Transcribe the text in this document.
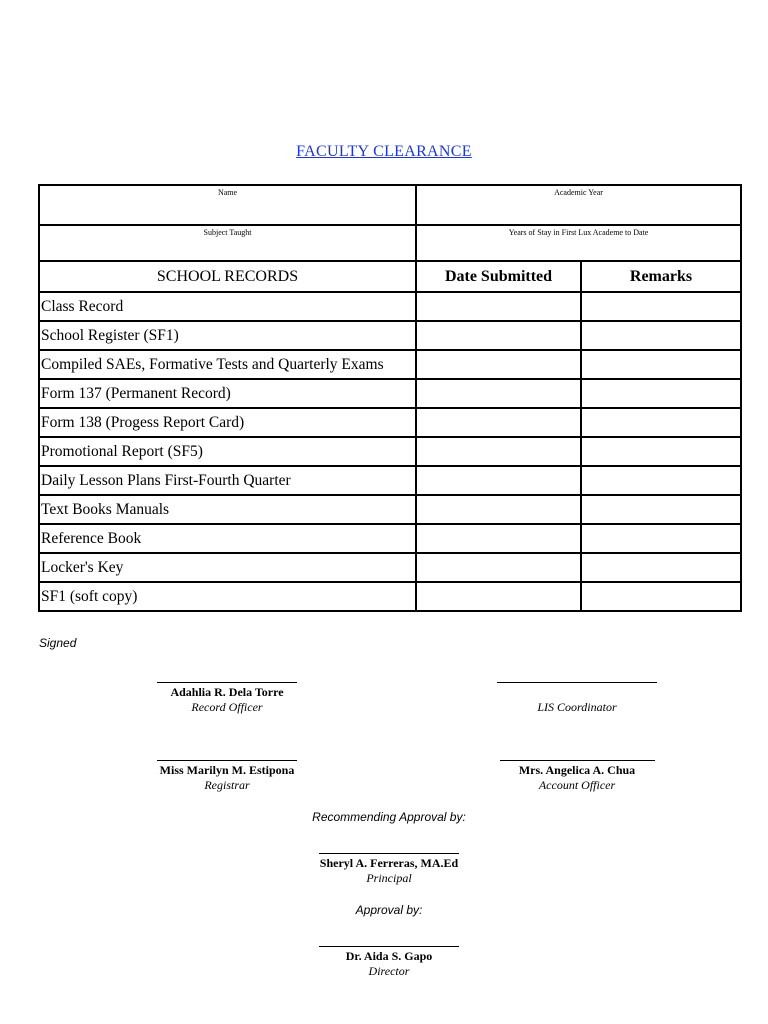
FACULTY CLEARANCE
Name	Academic Year	
Subject Taught	Years of Stay in First Lux Academe to Date	
SCHOOL RECORDS	Date Submitted	Remarks
Class Record		
School Register (SF1)		
Compiled SAEs, Formative Tests and Quarterly Exams		
Form 137 (Permanent Record)		
Form 138 (Progess Report Card)		
Promotional Report (SF5)		
Daily Lesson Plans First-Fourth Quarter		
Text Books Manuals		
Reference Book		
Locker's Key		
SF1 (soft copy)		
Signed
Adahlia R. Dela Torre
Record Officer	LIS Coordinator
Miss Marilyn M. Estipona
Registrar
Mrs. Angelica A. Chua
Account Officer
Recommending Approval by:
Sheryl A. Ferreras, MA.Ed
Principal
Approval by:
Dr. Aida S. Gapo
Director
